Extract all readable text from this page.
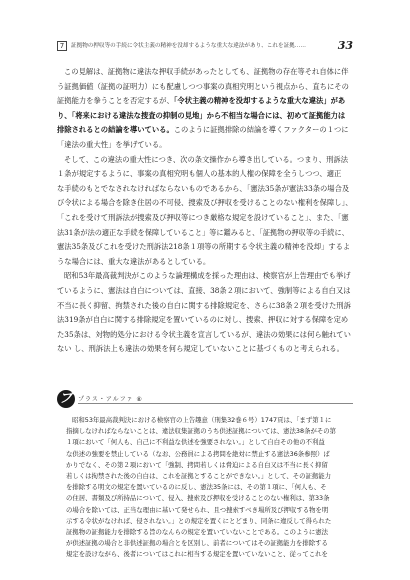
7	証拠物の押収等の手続に令状主義の精神を没却するような重大な違法があり、これを証拠……	33
この見解は、証拠物に違法な押収手続があったとしても、証拠物の存在等それ自体に伴
う証拠価値（証拠の証明力）にも配慮しつつ事案の真相究明という視点から、直ちにその
証拠能力を拳うことを否定するが、「令状主義の精神を没却するような重大な違法」があ
り、「将来における違法な捜査の抑制の見地」から不相当な場合には、初めて証拠能力は
排除されるとの結論を導いている。このように証拠排除の結論を導くファクターの１つに
「違法の重大性」を挙げている。
そして、この違法の重大性につき、次の条文操作から導き出している。つまり、刑訴法
１条が規定するように、事案の真相究明も個人の基本的人権の保障を全うしつつ、適正
な手続のもとでなされなければならないものであるから、「憲法35条が憲法33条の場合及
び令状による場合を除き住居の不可侵、捜索及び押収を受けることのない権利を保障し」、
「これを受けて刑訴法が捜索及び押収等につき厳格な規定を設けていること」、また、「憲
法31条が法の適正な手続を保障していること」等に鑑みると、「証拠物の押収等の手続に、
憲法35条及びこれを受けた刑訴法218条１項等の所期する令状主義の精神を没却」するよ
うな場合には、重大な違法があるとしている。
昭和53年最高裁判決がこのような論理構成を採った理由は、検察官が上告理由でも挙げ
ているように、憲法は自白については、直接、38条２項において、強制等による自白又は
不当に長く抑留、拘禁された後の自白に関する排除規定を、さらに38条２項を受けた刑訴
法319条が自白に関する排除規定を置いているのに対し、捜索、押収に対する保障を定め
た35条は、対物的処分における令状主義を宣言しているが、違法の効果には何ら触れてい
ない し、刑訴法上も違法の効果を何ら規定していないことに基づくものと考えられる。
プ プラス・アルファ ⑧
昭和53年最高裁判決における検察官の上告趣意（刑集32巻６号）1747頁は、「まず第１に
指摘しなければならないことは、違法収集証拠のうち供述証拠については、憲法38条がその第
１項において「何人も、自己に不利益な供述を強要されない。」として自白その他の不利益
な供述の強要を禁止している（なお、公務員による拷問を絶対に禁止する憲法36条参照）ば
かりでなく、その第２項において「強制、拷問若しくは脅迫による自白又は不当に長く抑留
若しくは拘禁された後の自白は、これを証拠とすることができない。」として、その証拠能力
を排除する明文の規定を置いているのに反し、憲法35条には、その第１項に、「何人も、そ
の住居、書類及び所持品について、侵入、捜索及び押収を受けることのない権利は、第33条
の場合を除いては、正当な理由に基いて発せられ、且つ捜索すべき場所及び押収する物を明
示する令状がなければ、侵されない。」との規定を置くにとどまり、同条に違反して得られた
証拠物の証拠能力を排除する旨のなんらの規定を置いていないことである。このように憲法
が供述証拠の場合と非供述証拠の場合とを区別し、前者についてはその証拠能力を排除する
規定を設けながら、後者についてはこれに相当する規定を置いていないこと、従ってこれを
